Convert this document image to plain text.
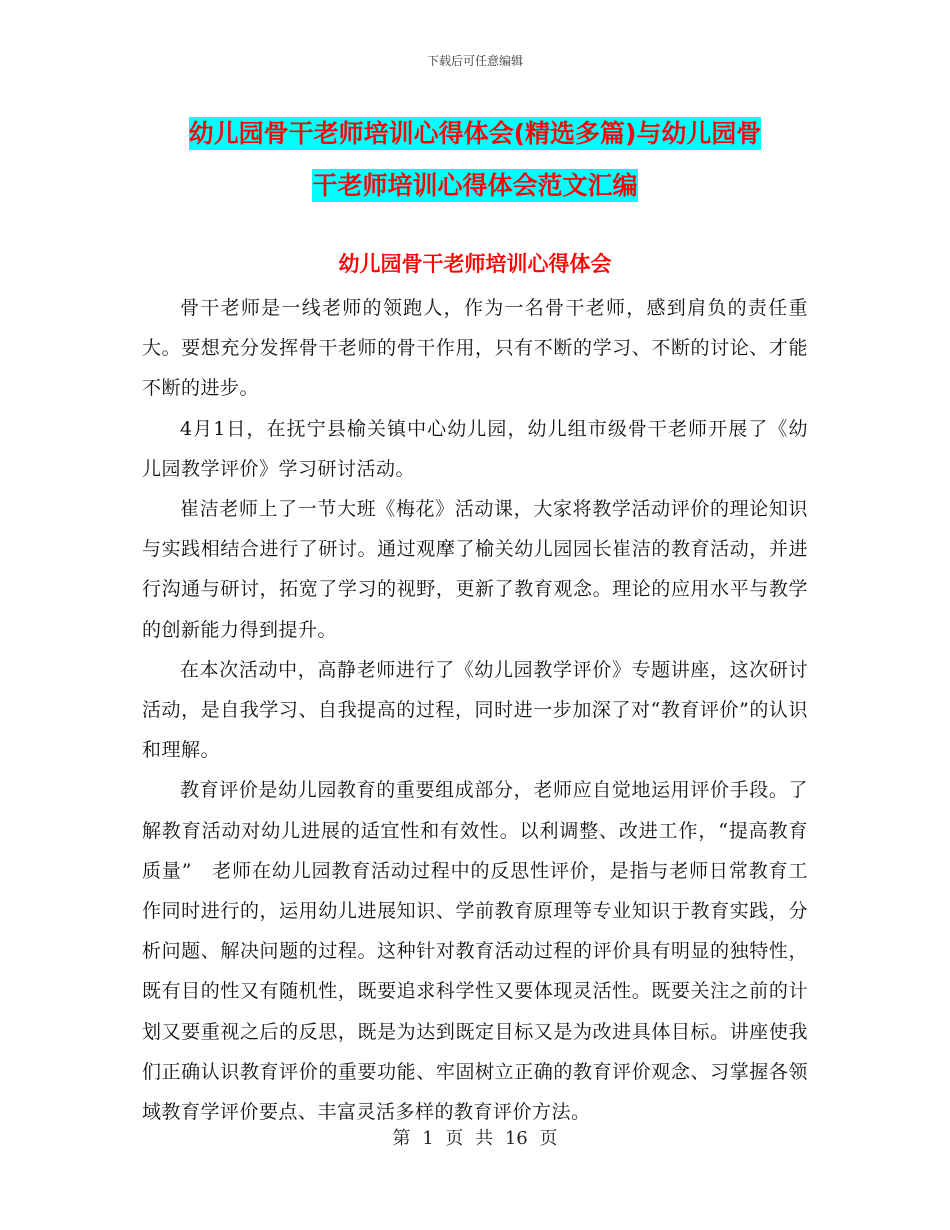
下载后可任意编辑
幼儿园骨干老师培训心得体会(精选多篇)与幼儿园骨
干老师培训心得体会范文汇编
幼儿园骨干老师培训心得体会

骨干老师是一线老师的领跑人，作为一名骨干老师，感到肩负的责任重大。要想充分发挥骨干老师的骨干作用，只有不断的学习、不断的讨论、才能不断的进步。

4月1日，在抚宁县榆关镇中心幼儿园，幼儿组市级骨干老师开展了《幼儿园教学评价》学习研讨活动。

崔洁老师上了一节大班《梅花》活动课，大家将教学活动评价的理论知识与实践相结合进行了研讨。通过观摩了榆关幼儿园园长崔洁的教育活动，并进行沟通与研讨，拓宽了学习的视野，更新了教育观念。理论的应用水平与教学的创新能力得到提升。

在本次活动中，高静老师进行了《幼儿园教学评价》专题讲座，这次研讨活动，是自我学习、自我提高的过程，同时进一步加深了对“教育评价”的认识和理解。

教育评价是幼儿园教育的重要组成部分，老师应自觉地运用评价手段。了解教育活动对幼儿进展的适宜性和有效性。以利调整、改进工作，“提高教育质量”　老师在幼儿园教育活动过程中的反思性评价，是指与老师日常教育工作同时进行的，运用幼儿进展知识、学前教育原理等专业知识于教育实践，分析问题、解决问题的过程。这种针对教育活动过程的评价具有明显的独特性，既有目的性又有随机性，既要追求科学性又要体现灵活性。既要关注之前的计划又要重视之后的反思，既是为达到既定目标又是为改进具体目标。讲座使我们正确认识教育评价的重要功能、牢固树立正确的教育评价观念、习掌握各领域教育学评价要点、丰富灵活多样的教育评价方法。

第 1 页 共 16 页
